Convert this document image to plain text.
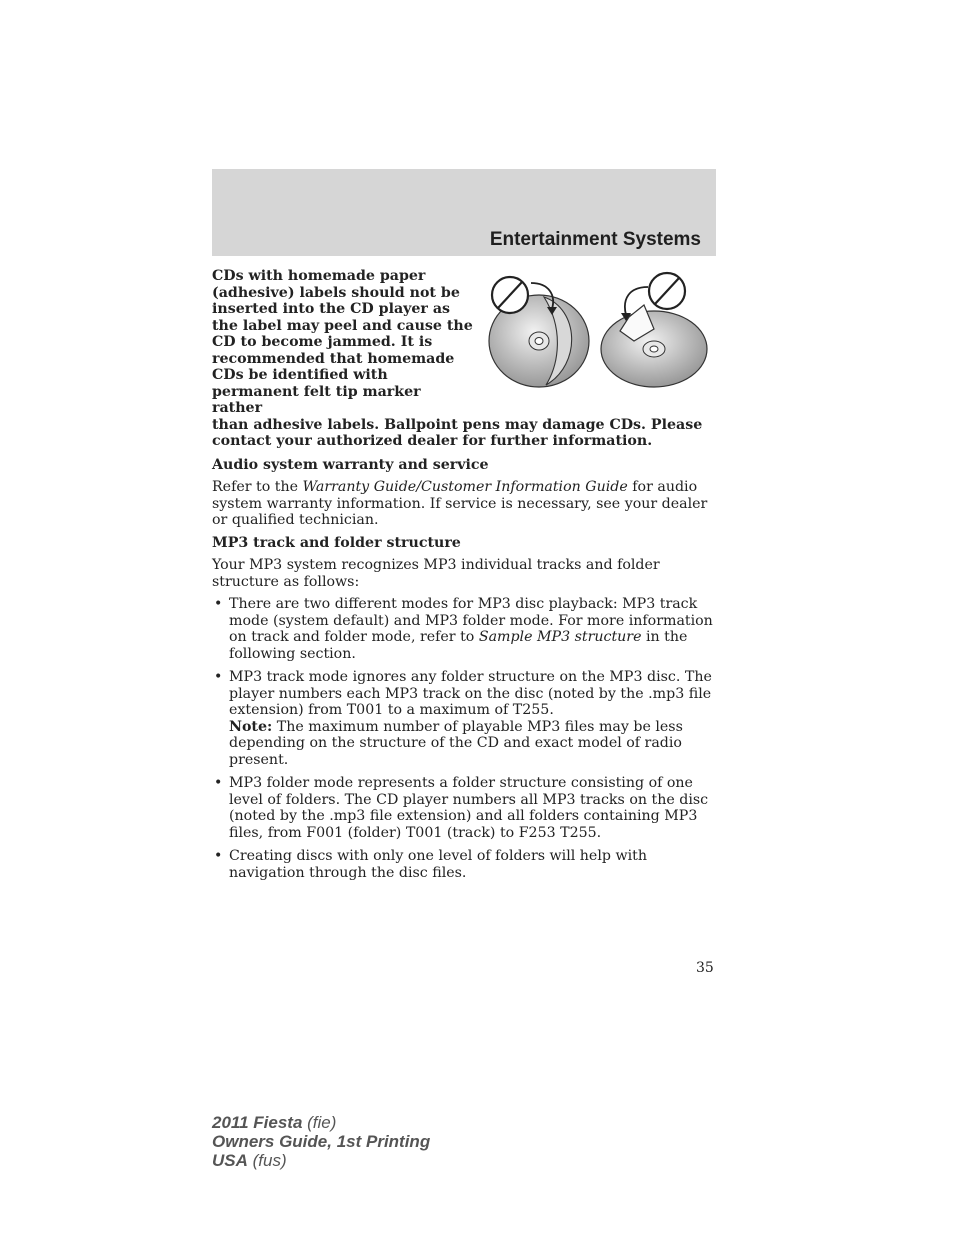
Entertainment Systems

CDs with homemade paper (adhesive) labels should not be inserted into the CD player as the label may peel and cause the CD to become jammed. It is recommended that homemade CDs be identified with permanent felt tip marker rather
than adhesive labels. Ballpoint pens may damage CDs. Please contact your authorized dealer for further information.

Audio system warranty and service

Refer to the Warranty Guide/Customer Information Guide for audio system warranty information. If service is necessary, see your dealer or qualified technician.

MP3 track and folder structure

Your MP3 system recognizes MP3 individual tracks and folder structure as follows:

• There are two different modes for MP3 disc playback: MP3 track mode (system default) and MP3 folder mode. For more information on track and folder mode, refer to Sample MP3 structure in the following section.
• MP3 track mode ignores any folder structure on the MP3 disc. The player numbers each MP3 track on the disc (noted by the .mp3 file extension) from T001 to a maximum of T255.
Note: The maximum number of playable MP3 files may be less depending on the structure of the CD and exact model of radio present.
• MP3 folder mode represents a folder structure consisting of one level of folders. The CD player numbers all MP3 tracks on the disc (noted by the .mp3 file extension) and all folders containing MP3 files, from F001 (folder) T001 (track) to F253 T255.
• Creating discs with only one level of folders will help with navigation through the disc files.
35
2011 Fiesta (fie)
Owners Guide, 1st Printing
USA (fus)
